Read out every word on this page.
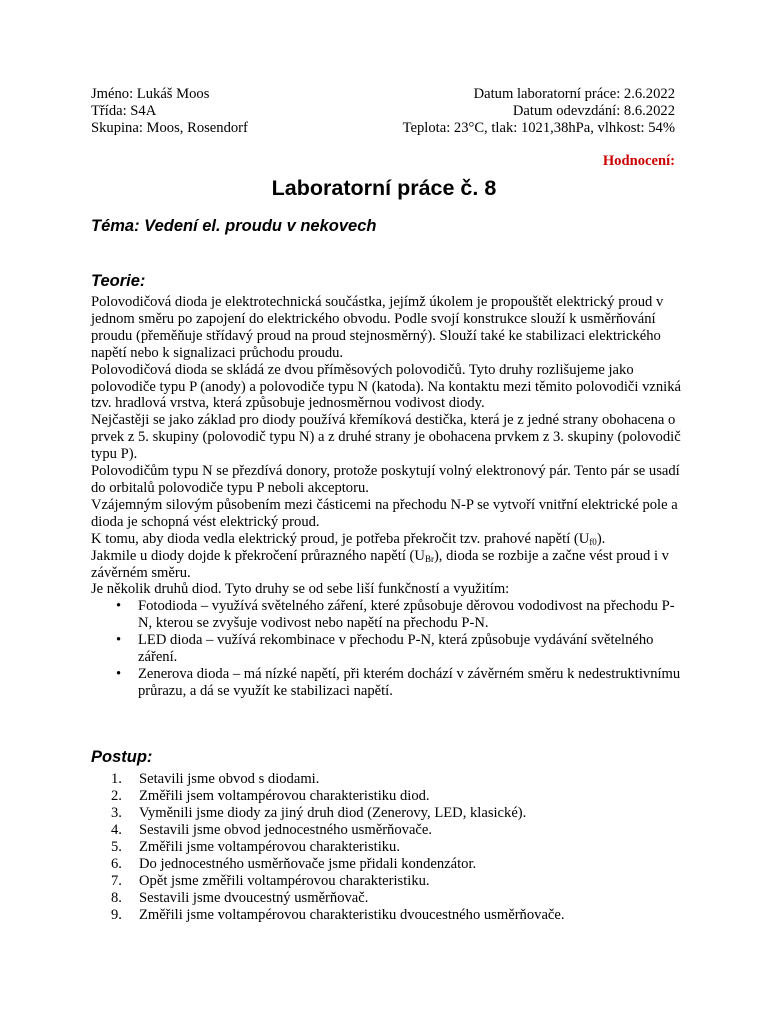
Jméno: Lukáš Moos
Třída: S4A
Skupina: Moos, Rosendorf
Datum laboratorní práce: 2.6.2022
Datum odevzdání: 8.6.2022
Teplota: 23°C, tlak: 1021,38hPa, vlhkost: 54%
Hodnocení:
Laboratorní práce č. 8
Téma: Vedení el. proudu v nekovech
Teorie:

Polovodičová dioda je elektrotechnická součástka, jejímž úkolem je propouštět elektrický proud v jednom směru po zapojení do elektrického obvodu. Podle svojí konstrukce slouží k usměrňování proudu (přeměňuje střídavý proud na proud stejnosměrný). Slouží také ke stabilizaci elektrického napětí nebo k signalizaci průchodu proudu.

Polovodičová dioda se skládá ze dvou příměsových polovodičů. Tyto druhy rozlišujeme jako polovodiče typu P (anody) a polovodiče typu N (katoda). Na kontaktu mezi těmito polovodiči vzniká tzv. hradlová vrstva, která způsobuje jednosměrnou vodivost diody.

Nejčastěji se jako základ pro diody používá křemíková destička, která je z jedné strany obohacena o prvek z 5. skupiny (polovodič typu N) a z druhé strany je obohacena prvkem z 3. skupiny (polovodič typu P).

Polovodičům typu N se přezdívá donory, protože poskytují volný elektronový pár. Tento pár se usadí do orbitalů polovodiče typu P neboli akceptoru.

Vzájemným silovým působením mezi částicemi na přechodu N-P se vytvoří vnitřní elektrické pole a dioda je schopná vést elektrický proud.

K tomu, aby dioda vedla elektrický proud, je potřeba překročit tzv. prahové napětí $(U_{f0})$.

Jakmile u diody dojde k překročení průrazného napětí $(U_{Br})$, dioda se rozbije a začne vést proud i v závěrném směru.

Je několik druhů diod. Tyto druhy se od sebe liší funkčností a využitím:

• Fotodioda – využívá světelného záření, které způsobuje děrovou vododivost na přechodu P-N, kterou se zvyšuje vodivost nebo napětí na přechodu P-N.
• LED dioda – vužívá rekombinace v přechodu P-N, která způsobuje vydávání světelného záření.
• Zenerova dioda – má nízké napětí, při kterém dochází v závěrném směru k nedestruktivnímu průrazu, a dá se využít ke stabilizaci napětí.
Postup:
1.	Setavili jsme obvod s diodami.
2.	Změřili jsem voltampérovou charakteristiku diod.
3.	Vyměnili jsme diody za jiný druh diod (Zenerovy, LED, klasické).
4.	Sestavili jsme obvod jednocestného usměrňovače.
5.	Změřili jsme voltampérovou charakteristiku.
6.	Do jednocestného usměrňovače jsme přidali kondenzátor.
7.	Opět jsme změřili voltampérovou charakteristiku.
8.	Sestavili jsme dvoucestný usměrňovač.
9.	Změřili jsme voltampérovou charakteristiku dvoucestného usměrňovače.
